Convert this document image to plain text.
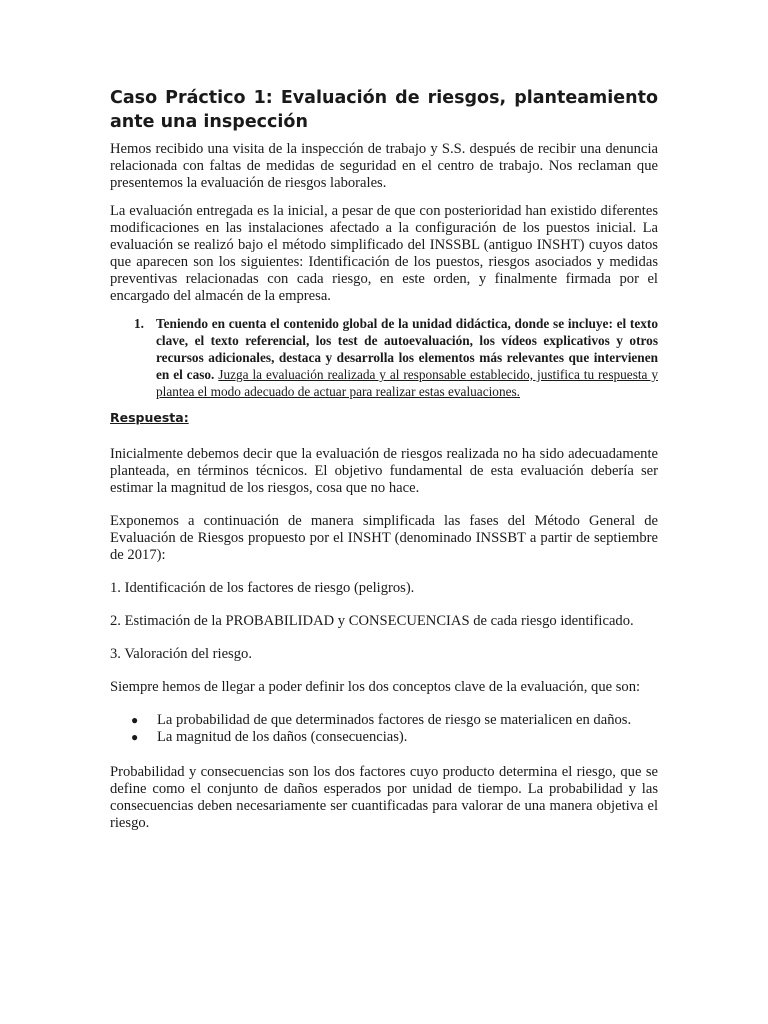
Caso Práctico 1: Evaluación de riesgos, planteamiento ante una inspección

Hemos recibido una visita de la inspección de trabajo y S.S. después de recibir una denuncia relacionada con faltas de medidas de seguridad en el centro de trabajo. Nos reclaman que presentemos la evaluación de riesgos laborales.

La evaluación entregada es la inicial, a pesar de que con posterioridad han existido diferentes modificaciones en las instalaciones afectado a la configuración de los puestos inicial. La evaluación se realizó bajo el método simplificado del INSSBL (antiguo INSHT) cuyos datos que aparecen son los siguientes: Identificación de los puestos, riesgos asociados y medidas preventivas relacionadas con cada riesgo, en este orden, y finalmente firmada por el encargado del almacén de la empresa.

1. Teniendo en cuenta el contenido global de la unidad didáctica, donde se incluye: el texto clave, el texto referencial, los test de autoevaluación, los vídeos explicativos y otros recursos adicionales, destaca y desarrolla los elementos más relevantes que intervienen en el caso. Juzga la evaluación realizada y al responsable establecido, justifica tu respuesta y plantea el modo adecuado de actuar para realizar estas evaluaciones.
Respuesta:

Inicialmente debemos decir que la evaluación de riesgos realizada no ha sido adecuadamente planteada, en términos técnicos. El objetivo fundamental de esta evaluación debería ser estimar la magnitud de los riesgos, cosa que no hace.

Exponemos a continuación de manera simplificada las fases del Método General de Evaluación de Riesgos propuesto por el INSHT (denominado INSSBT a partir de septiembre de 2017):

1. Identificación de los factores de riesgo (peligros).

2. Estimación de la PROBABILIDAD y CONSECUENCIAS de cada riesgo identificado.

3. Valoración del riesgo.

Siempre hemos de llegar a poder definir los dos conceptos clave de la evaluación, que son:

● La probabilidad de que determinados factores de riesgo se materialicen en daños.
● La magnitud de los daños (consecuencias).

Probabilidad y consecuencias son los dos factores cuyo producto determina el riesgo, que se define como el conjunto de daños esperados por unidad de tiempo. La probabilidad y las consecuencias deben necesariamente ser cuantificadas para valorar de una manera objetiva el riesgo.
